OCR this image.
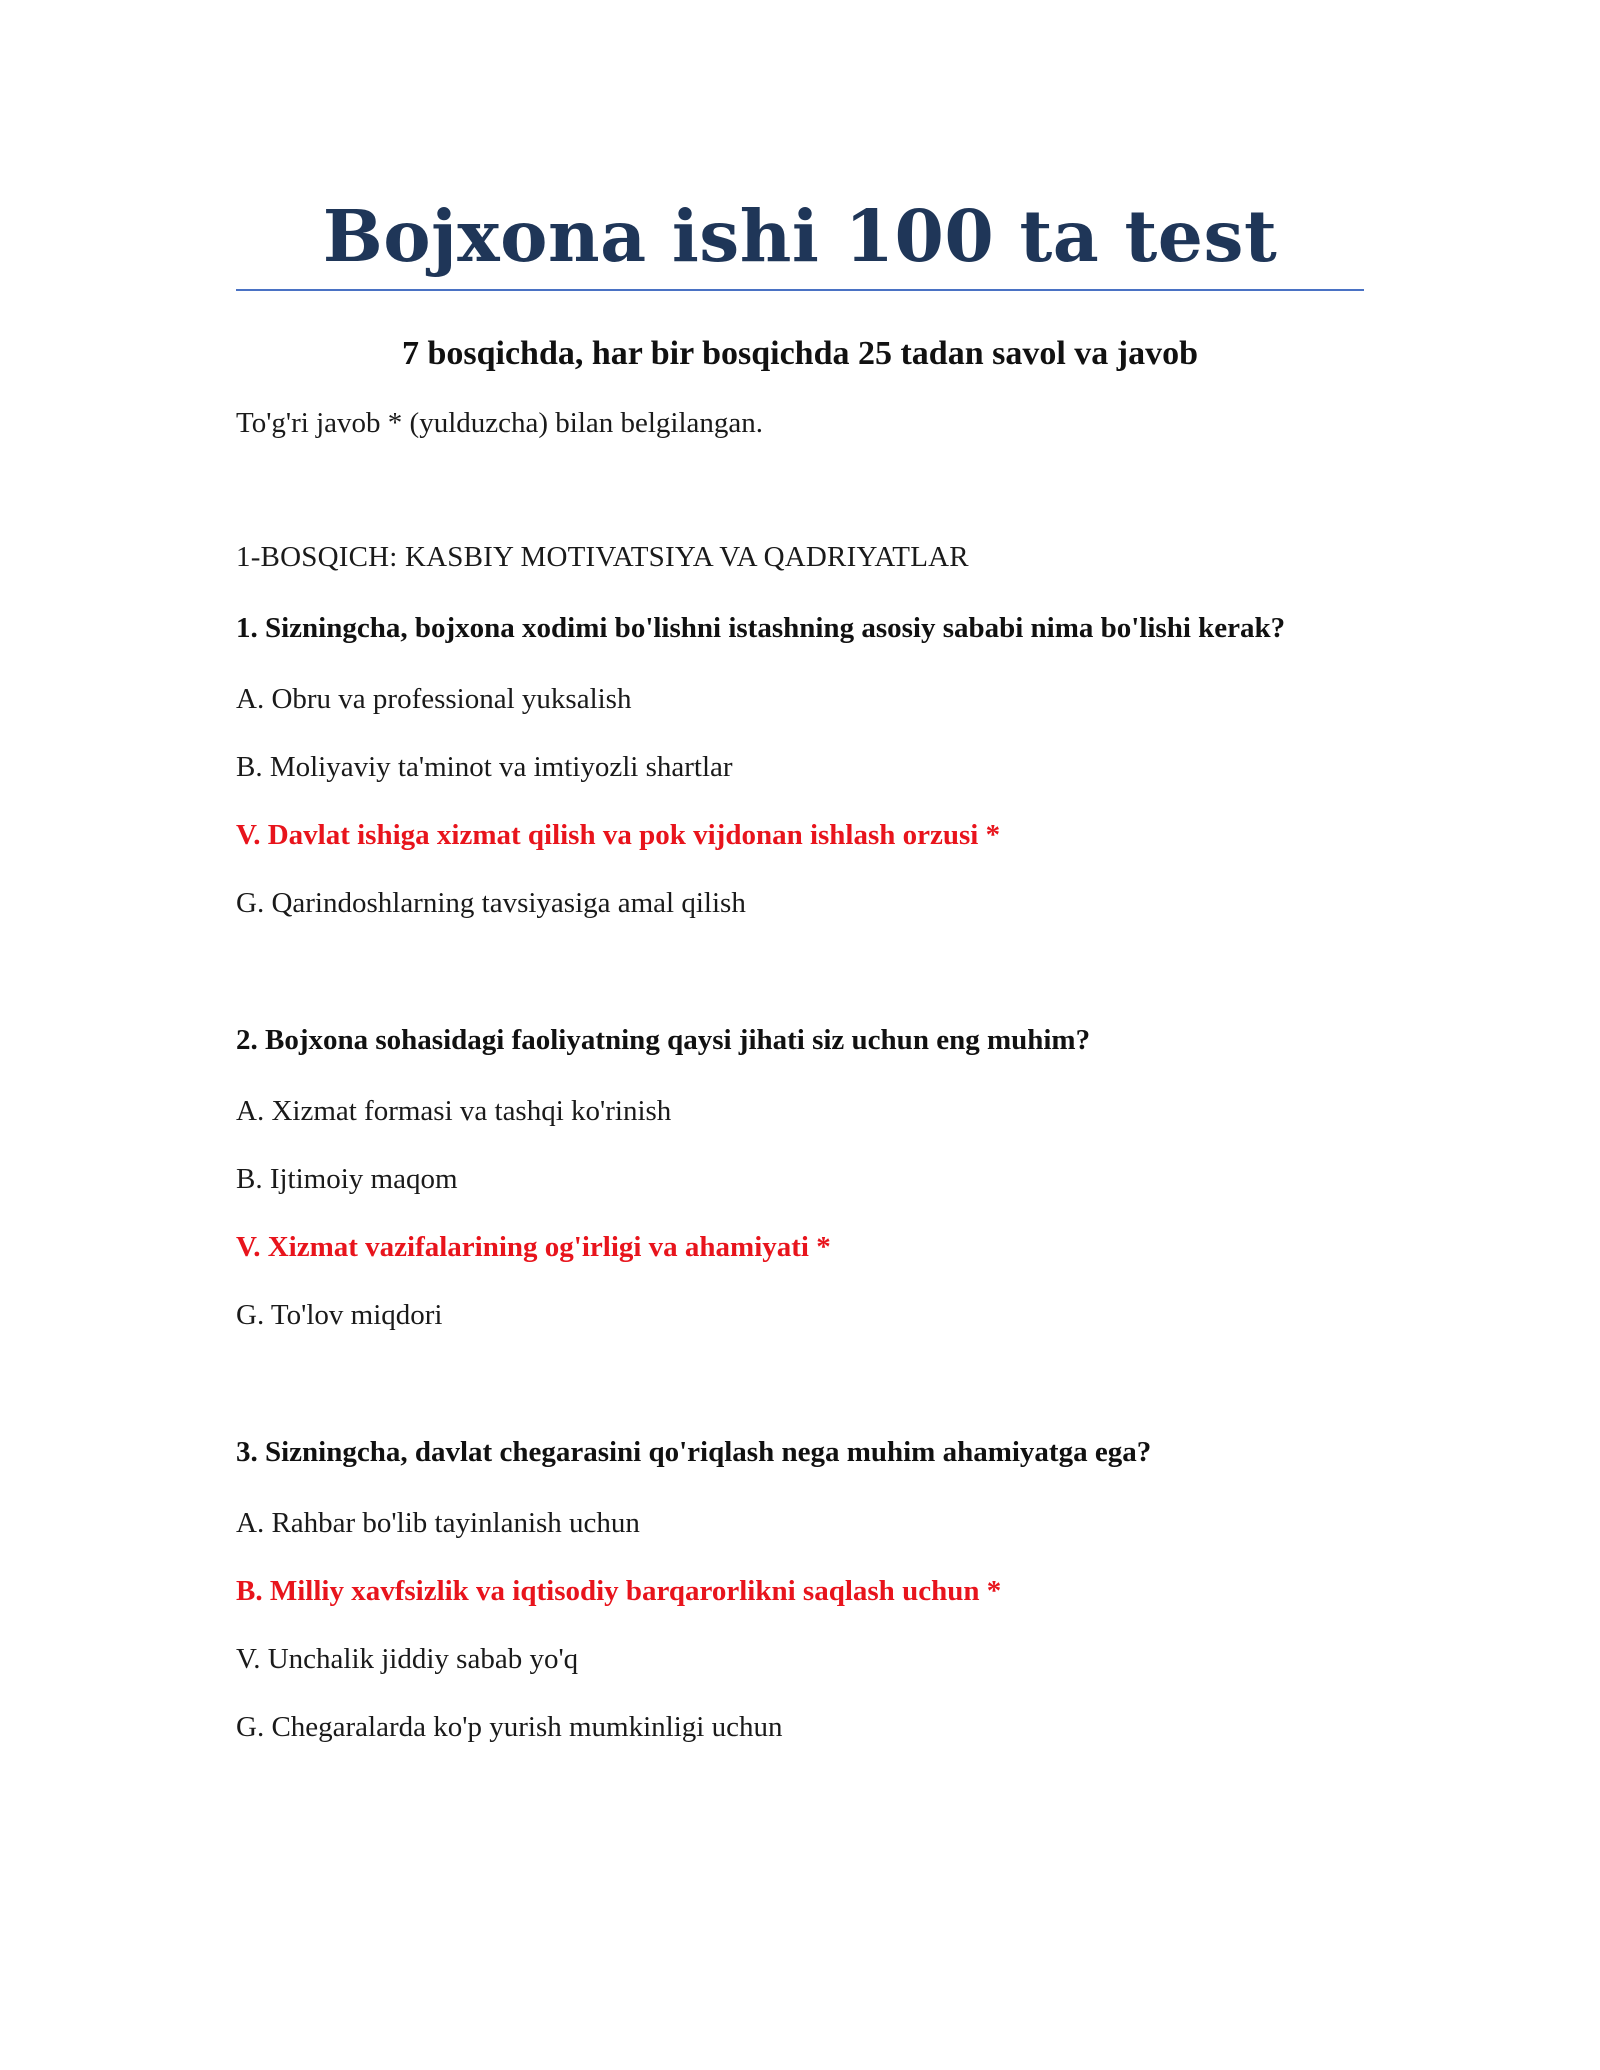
Bojxona ishi 100 ta test
7 bosqichda, har bir bosqichda 25 tadan savol va javob

To'g'ri javob * (yulduzcha) bilan belgilangan.

1-BOSQICH: KASBIY MOTIVATSIYA VA QADRIYATLAR

1. Sizningcha, bojxona xodimi bo'lishni istashning asosiy sababi nima bo'lishi kerak?

A. Obru va professional yuksalish

B. Moliyaviy ta'minot va imtiyozli shartlar

V. Davlat ishiga xizmat qilish va pok vijdonan ishlash orzusi *

G. Qarindoshlarning tavsiyasiga amal qilish

2. Bojxona sohasidagi faoliyatning qaysi jihati siz uchun eng muhim?

A. Xizmat formasi va tashqi ko'rinish

B. Ijtimoiy maqom

V. Xizmat vazifalarining og'irligi va ahamiyati *

G. To'lov miqdori

3. Sizningcha, davlat chegarasini qo'riqlash nega muhim ahamiyatga ega?

A. Rahbar bo'lib tayinlanish uchun

B. Milliy xavfsizlik va iqtisodiy barqarorlikni saqlash uchun *

V. Unchalik jiddiy sabab yo'q

G. Chegaralarda ko'p yurish mumkinligi uchun
